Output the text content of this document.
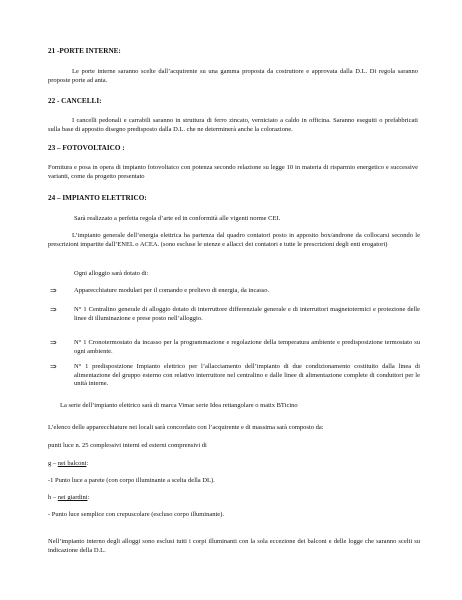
21 -PORTE INTERNE:

Le porte interne saranno scelte dall’acquirente su una gamma proposta da costruttore e approvata dalla D.L. Di regola saranno proposte porte ad anta.

22 - CANCELLI:

I cancelli pedonali e carrabili saranno in struttura di ferro zincato, verniciato a caldo in officina. Saranno eseguiti o prefabbricati sulla base di apposito disegno predisposto dalla D.L. che ne determinerà anche la colorazione.

23 – FOTOVOLTAICO :

Fornitura e posa in opera di impianto fotovoltaico con potenza secondo relazione su legge 10 in materia di risparmio energetico e successive varianti, come da progetto presentato

24 – IMPIANTO ELETTRICO:
Sarà realizzato a perfetta regola d’arte ed in conformità alle vigenti norme CEI.

L’impianto generale dell’energia elettrica ha partenza dal quadro contatori posto in apposito box/androne da collocarsi secondo le prescrizioni impartite dall’ENEL o ACEA. (sono escluse le utenze e allacci dei contatori e tutte le prescrizioni degli enti erogatori)

Ogni alloggio sarà dotato di:
⇒	Apparecchiature modulari per il comando e prelievo di energia, da incasso.

⇒	N° 1 Centralino generale di alloggio dotato di interruttore differenziale generale e di interruttori magnetotermici e protezione delle linee di illuminazione e prese posto nell’alloggio.

⇒	N° 1 Cronotermostato da incasso per la programmazione e regolazione della temperatura ambiente e predisposizione termostato su ogni ambiente.

⇒	N° 1 predisposizione Impianto elettrico per l’allacciamento dell’impianto di due condizionamento costituito dalla linea di alimentazione del gruppo esterno con relativo interruttore nel centralino e dalle linee di alimentazione complete di conduttori per le unità interne.

La serie dell’impianto elettrico sarà di marca Vimar serie Idea rettangolare o matix BTicino
L’elenco delle apparecchiature nei locali sarà concordato con l’acquirente e di massima sarà composto da:
punti luce n. 25 complessivi interni ed esterni comprensivi di
g – nei balconi:
-1 Punto luce a parete (con corpo illuminante a scelta della DL).
h – nei giardini:
- Punto luce semplice con crepuscolare (escluso corpo illuminante).

Nell’impianto interno degli alloggi sono esclusi tutti i corpi illuminanti con la sola eccezione dei balconi e delle logge che saranno scelti su indicazione della D.L.
